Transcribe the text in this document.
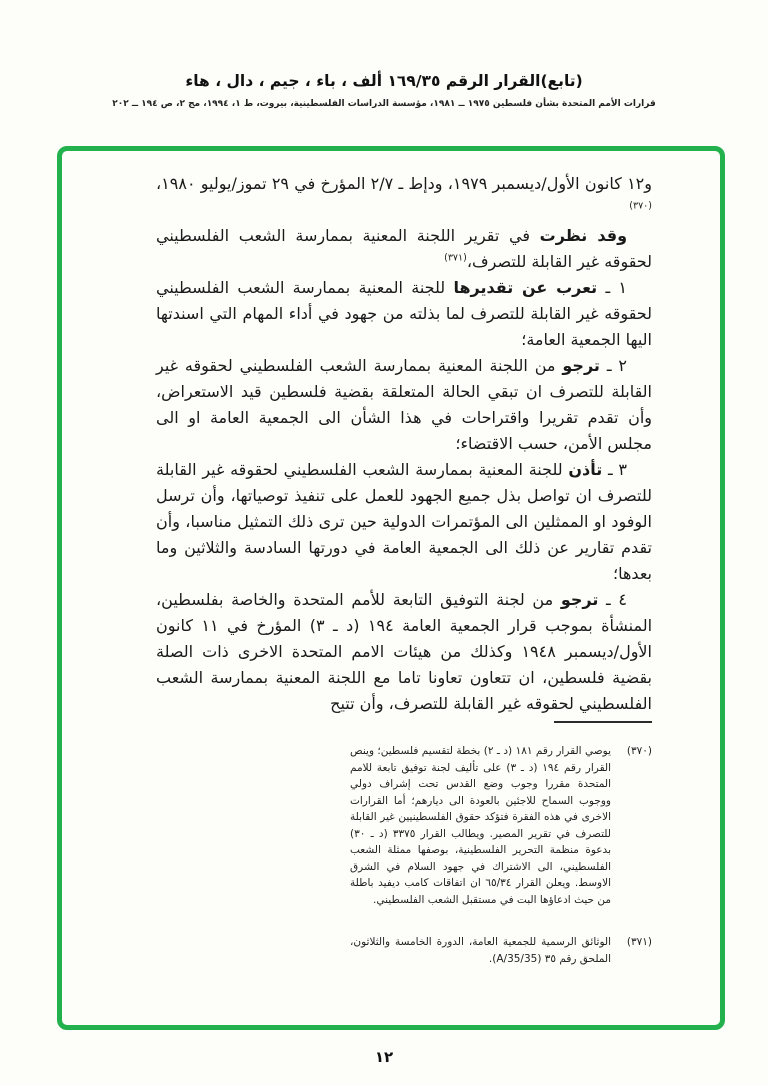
(تابع)القرار الرقم ١٦٩/٣٥ ألف ، باء ، جيم ، دال ، هاء
قرارات الأمم المتحدة بشأن فلسطين ١٩٧٥ ــ ١٩٨١، مؤسسة الدراسات الفلسطينية، بيروت، ط ١، ١٩٩٤، مج ٢، ص ١٩٤ ــ ٢٠٢

و١٢ كانون الأول/ديسمبر ١٩٧٩، ودإط ـ ٢/٧ المؤرخ في ٢٩ تموز/يوليو ١٩٨٠،$^{(٣٧٠)}$

وقد نظرت في تقرير اللجنة المعنية بممارسة الشعب الفلسطيني لحقوقه غير القابلة للتصرف،$^{(٣٧١)}$

١ ـ تعرب عن تقديرها للجنة المعنية بممارسة الشعب الفلسطيني لحقوقه غير القابلة للتصرف لما بذلته من جهود في أداء المهام التي اسندتها اليها الجمعية العامة؛

٢ ـ ترجو من اللجنة المعنية بممارسة الشعب الفلسطيني لحقوقه غير القابلة للتصرف ان تبقي الحالة المتعلقة بقضية فلسطين قيد الاستعراض، وأن تقدم تقريرا واقتراحات في هذا الشأن الى الجمعية العامة او الى مجلس الأمن، حسب الاقتضاء؛

٣ ـ تأذن للجنة المعنية بممارسة الشعب الفلسطيني لحقوقه غير القابلة للتصرف ان تواصل بذل جميع الجهود للعمل على تنفيذ توصياتها، وأن ترسل الوفود او الممثلين الى المؤتمرات الدولية حين ترى ذلك التمثيل مناسبا، وأن تقدم تقارير عن ذلك الى الجمعية العامة في دورتها السادسة والثلاثين وما بعدها؛

٤ ـ ترجو من لجنة التوفيق التابعة للأمم المتحدة والخاصة بفلسطين، المنشأة بموجب قرار الجمعية العامة ١٩٤ (د ـ ٣) المؤرخ في ١١ كانون الأول/ديسمبر ١٩٤٨ وكذلك من هيئات الامم المتحدة الاخرى ذات الصلة بقضية فلسطين، ان تتعاون تعاونا تاما مع اللجنة المعنية بممارسة الشعب الفلسطيني لحقوقه غير القابلة للتصرف، وأن تتيح

(٣٧٠)
يوصي القرار رقم ١٨١ (د ـ ٢) بخطة لتقسيم فلسطين؛ وينص القرار رقم ١٩٤ (د ـ ٣) على تأليف لجنة توفيق تابعة للامم المتحدة مقررا وجوب وضع القدس تحت إشراف دولي ووجوب السماح للاجئين بالعودة الى ديارهم؛ أما القرارات الاخرى في هذه الفقرة فتؤكد حقوق الفلسطينيين غير القابلة للتصرف في تقرير المصير. ويطالب القرار ٣٣٧٥ (د ـ ٣٠) بدعوة منظمة التحرير الفلسطينية، بوصفها ممثلة الشعب الفلسطيني، الى الاشتراك في جهود السلام في الشرق الاوسط. ويعلن القرار ٦٥/٣٤ ان اتفاقات كامب ديفيد باطلة من حيث ادعاؤها البت في مستقبل الشعب الفلسطيني.
(٣٧١)
الوثائق الرسمية للجمعية العامة، الدورة الخامسة والثلاثون، الملحق رقم ٣٥ (A/35/35).
١٢
